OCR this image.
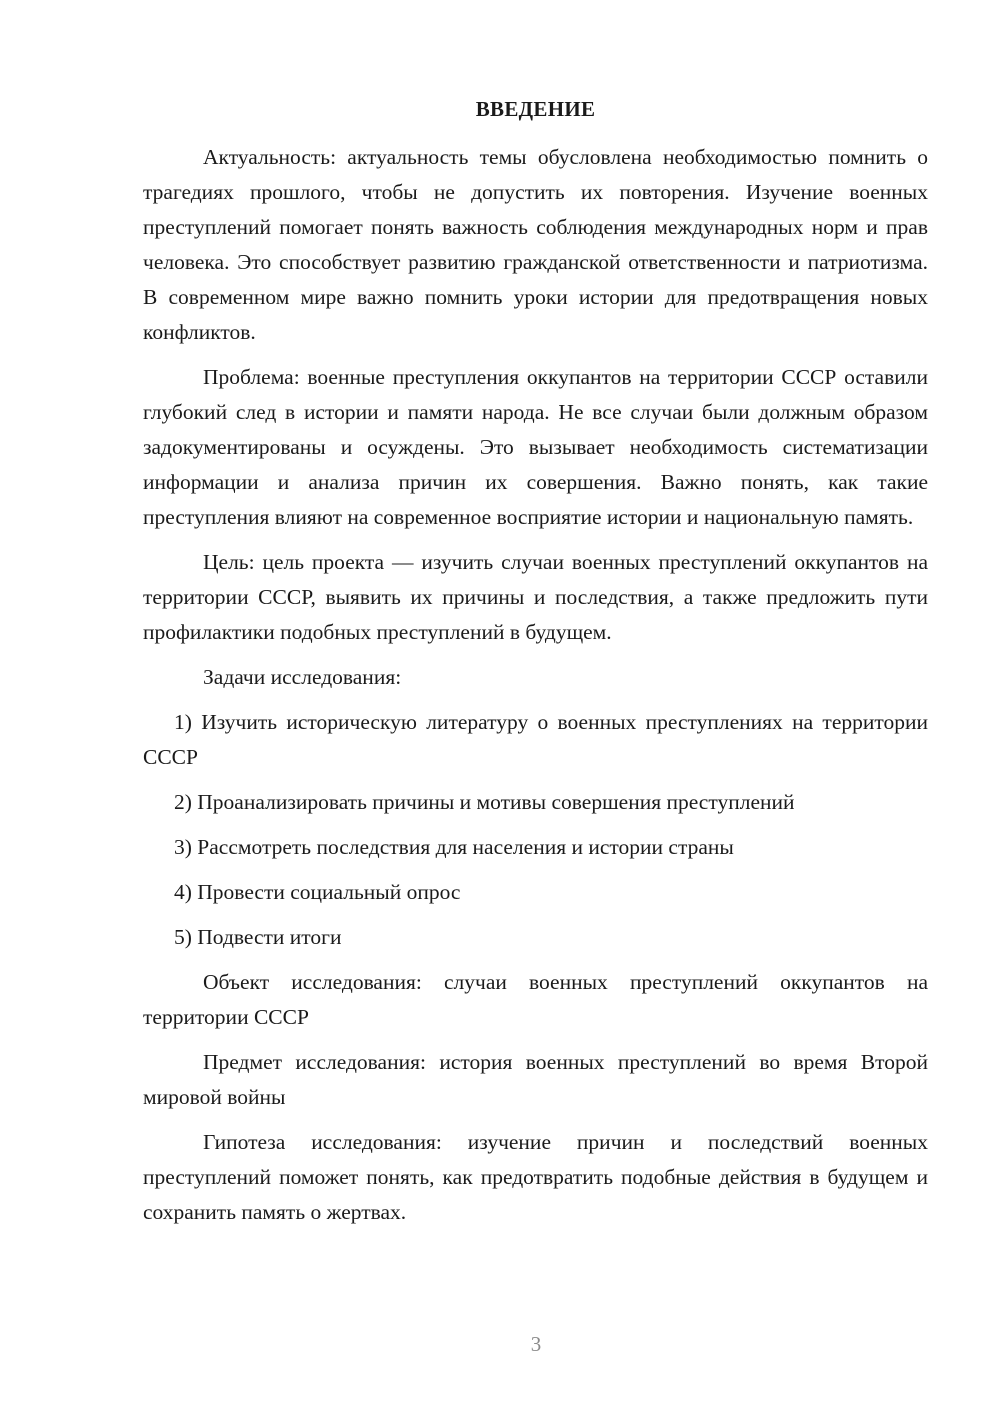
ВВЕДЕНИЕ

Актуальность: актуальность темы обусловлена необходимостью помнить о трагедиях прошлого, чтобы не допустить их повторения. Изучение военных преступлений помогает понять важность соблюдения международных норм и прав человека. Это способствует развитию гражданской ответственности и патриотизма. В современном мире важно помнить уроки истории для предотвращения новых конфликтов.

Проблема: военные преступления оккупантов на территории СССР оставили глубокий след в истории и памяти народа. Не все случаи были должным образом задокументированы и осуждены. Это вызывает необходимость систематизации информации и анализа причин их совершения. Важно понять, как такие преступления влияют на современное восприятие истории и национальную память.

Цель: цель проекта — изучить случаи военных преступлений оккупантов на территории СССР, выявить их причины и последствия, а также предложить пути профилактики подобных преступлений в будущем.

Задачи исследования:

1) Изучить историческую литературу о военных преступлениях на территории СССР

2) Проанализировать причины и мотивы совершения преступлений

3) Рассмотреть последствия для населения и истории страны

4) Провести социальный опрос

5) Подвести итоги

Объект исследования: случаи военных преступлений оккупантов на территории СССР

Предмет исследования: история военных преступлений во время Второй мировой войны

Гипотеза исследования: изучение причин и последствий военных преступлений поможет понять, как предотвратить подобные действия в будущем и сохранить память о жертвах.

3
